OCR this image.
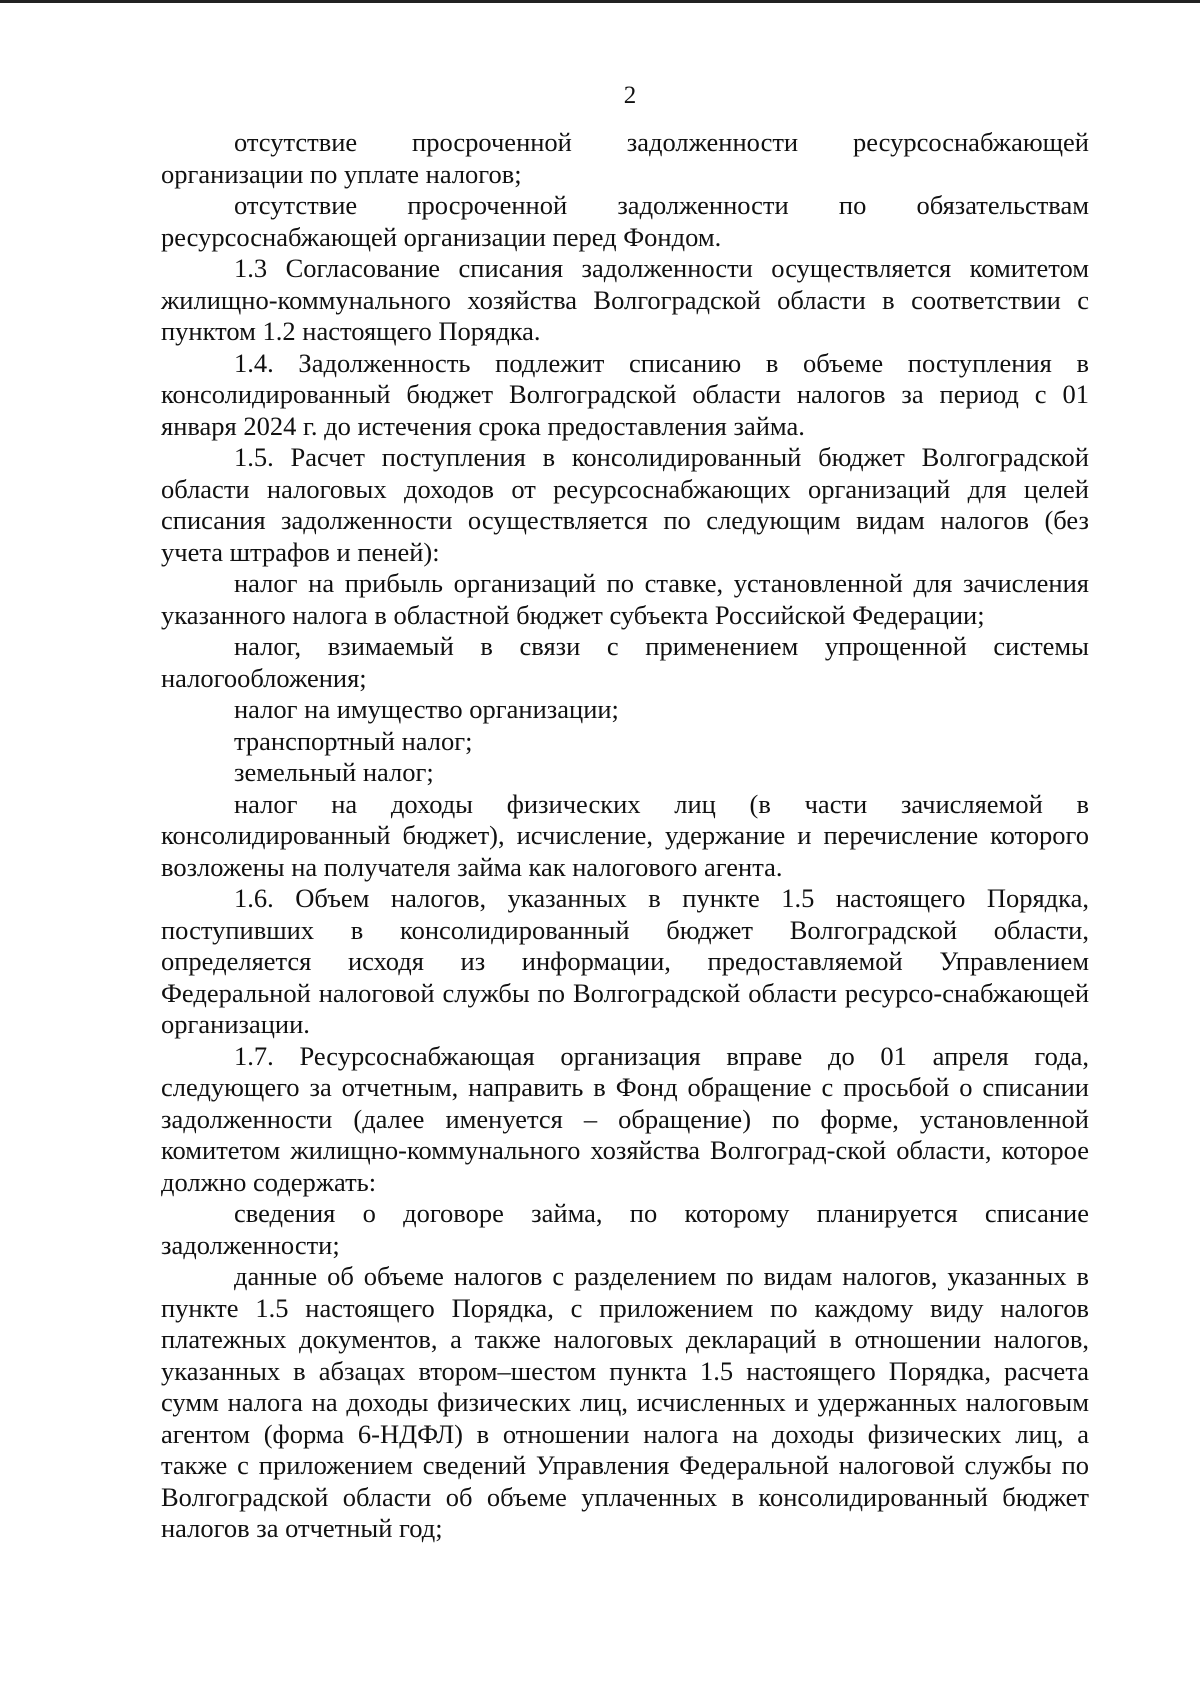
2

отсутствие просроченной задолженности ресурсоснабжающей организации по уплате налогов;

отсутствие просроченной задолженности по обязательствам ресурсоснабжающей организации перед Фондом.

1.3 Согласование списания задолженности осуществляется комитетом жилищно-коммунального хозяйства Волгоградской области в соответствии с пунктом 1.2 настоящего Порядка.

1.4. Задолженность подлежит списанию в объеме поступления в консолидированный бюджет Волгоградской области налогов за период с 01 января 2024 г. до истечения срока предоставления займа.

1.5. Расчет поступления в консолидированный бюджет Волгоградской области налоговых доходов от ресурсоснабжающих организаций для целей списания задолженности осуществляется по следующим видам налогов (без учета штрафов и пеней):

налог на прибыль организаций по ставке, установленной для зачисления указанного налога в областной бюджет субъекта Российской Федерации;

налог, взимаемый в связи с применением упрощенной системы налогообложения;

налог на имущество организации;

транспортный налог;

земельный налог;

налог на доходы физических лиц (в части зачисляемой в консолидированный бюджет), исчисление, удержание и перечисление которого возложены на получателя займа как налогового агента.

1.6. Объем налогов, указанных в пункте 1.5 настоящего Порядка, поступивших в консолидированный бюджет Волгоградской области, определяется исходя из информации, предоставляемой Управлением Федеральной налоговой службы по Волгоградской области ресурсо-снабжающей организации.

1.7. Ресурсоснабжающая организация вправе до 01 апреля года, следующего за отчетным, направить в Фонд обращение с просьбой о списании задолженности (далее именуется – обращение) по форме, установленной комитетом жилищно-коммунального хозяйства Волгоград-ской области, которое должно содержать:

сведения о договоре займа, по которому планируется списание задолженности;

данные об объеме налогов с разделением по видам налогов, указанных в пункте 1.5 настоящего Порядка, с приложением по каждому виду налогов платежных документов, а также налоговых деклараций в отношении налогов, указанных в абзацах втором–шестом пункта 1.5 настоящего Порядка, расчета сумм налога на доходы физических лиц, исчисленных и удержанных налоговым агентом (форма 6-НДФЛ) в отношении налога на доходы физических лиц, а также с приложением сведений Управления Федеральной налоговой службы по Волгоградской области об объеме уплаченных в консолидированный бюджет налогов за отчетный год;
